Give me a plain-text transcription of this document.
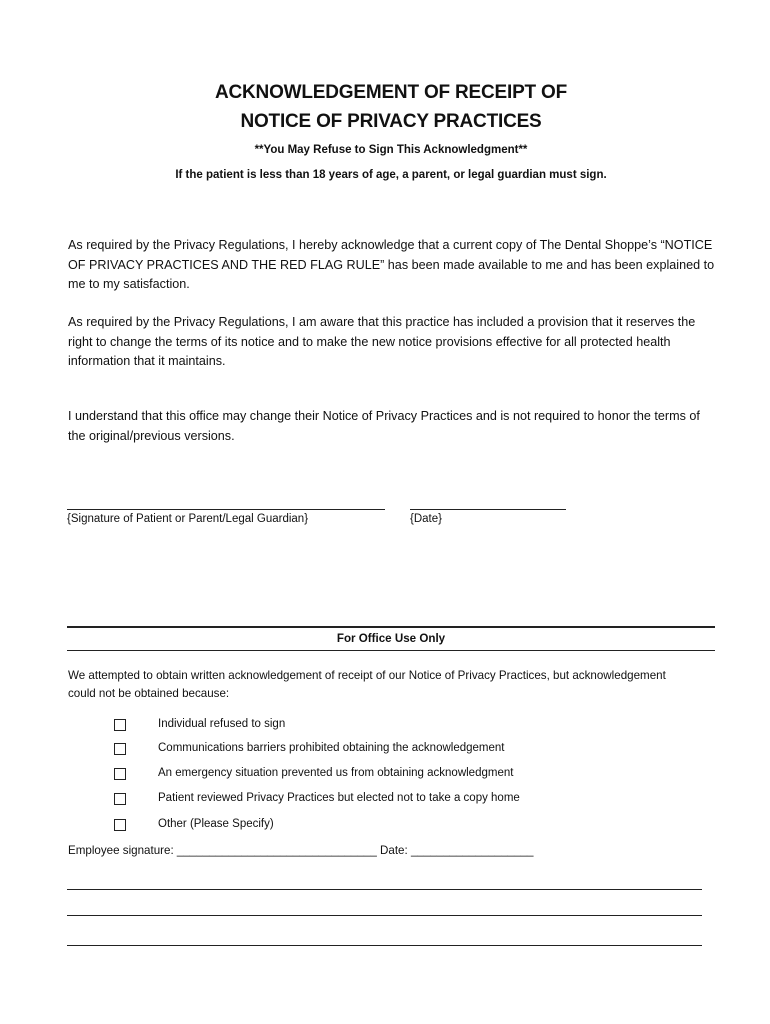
ACKNOWLEDGEMENT OF RECEIPT OF
NOTICE OF PRIVACY PRACTICES
**You May Refuse to Sign This Acknowledgment**
If the patient is less than 18 years of age, a parent, or legal guardian must sign.
As required by the Privacy Regulations, I hereby acknowledge that a current copy of The Dental Shoppe’s “NOTICE OF PRIVACY PRACTICES AND THE RED FLAG RULE” has been made available to me and has been explained to me to my satisfaction.
As required by the Privacy Regulations, I am aware that this practice has included a provision that it reserves the right to change the terms of its notice and to make the new notice provisions effective for all protected health information that it maintains.
I understand that this office may change their Notice of Privacy Practices and is not required to honor the terms of the original/previous versions.
{Signature of Patient or Parent/Legal Guardian}	{Date}
For Office Use Only
We attempted to obtain written acknowledgement of receipt of our Notice of Privacy Practices, but acknowledgement could not be obtained because:
Individual refused to sign
Communications barriers prohibited obtaining the acknowledgement
An emergency situation prevented us from obtaining acknowledgment
Patient reviewed Privacy Practices but elected not to take a copy home
Other (Please Specify)
Employee signature: _______________________________ Date: ___________________
